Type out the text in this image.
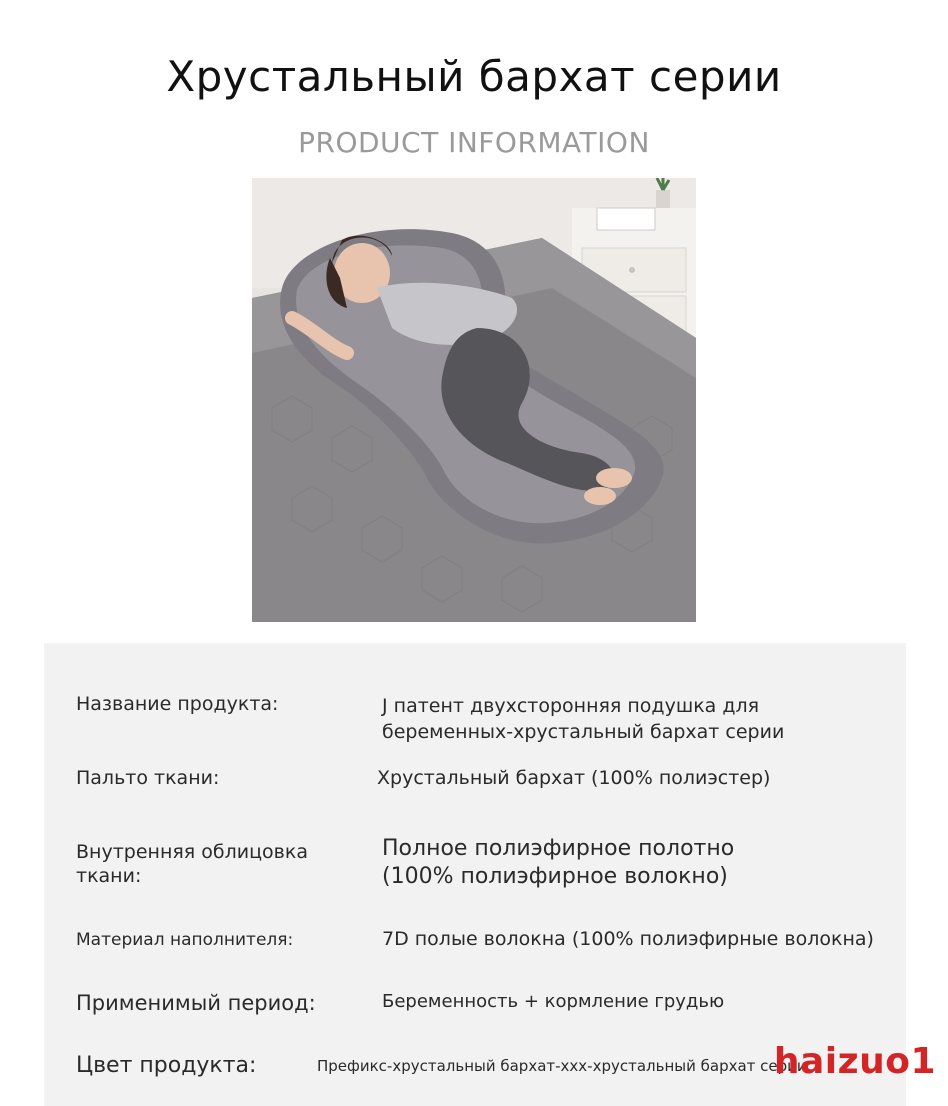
Хрустальный бархат серии
PRODUCT INFORMATION
Название продукта:	J патент двухсторонняя подушка для
беременных-хрустальный бархат серии
Пальто ткани:	Хрустальный бархат (100% полиэстер)
Внутренняя облицовка
ткани:
Полное полиэфирное полотно
(100% полиэфирное волокно)
Материал наполнителя:	7D полые волокна (100% полиэфирные волокна)
Применимый период:	Беременность + кормление грудью
Цвет продукта:	Префикс-хрустальный бархат-xxx-хрустальный бархат серии
haizuo1
